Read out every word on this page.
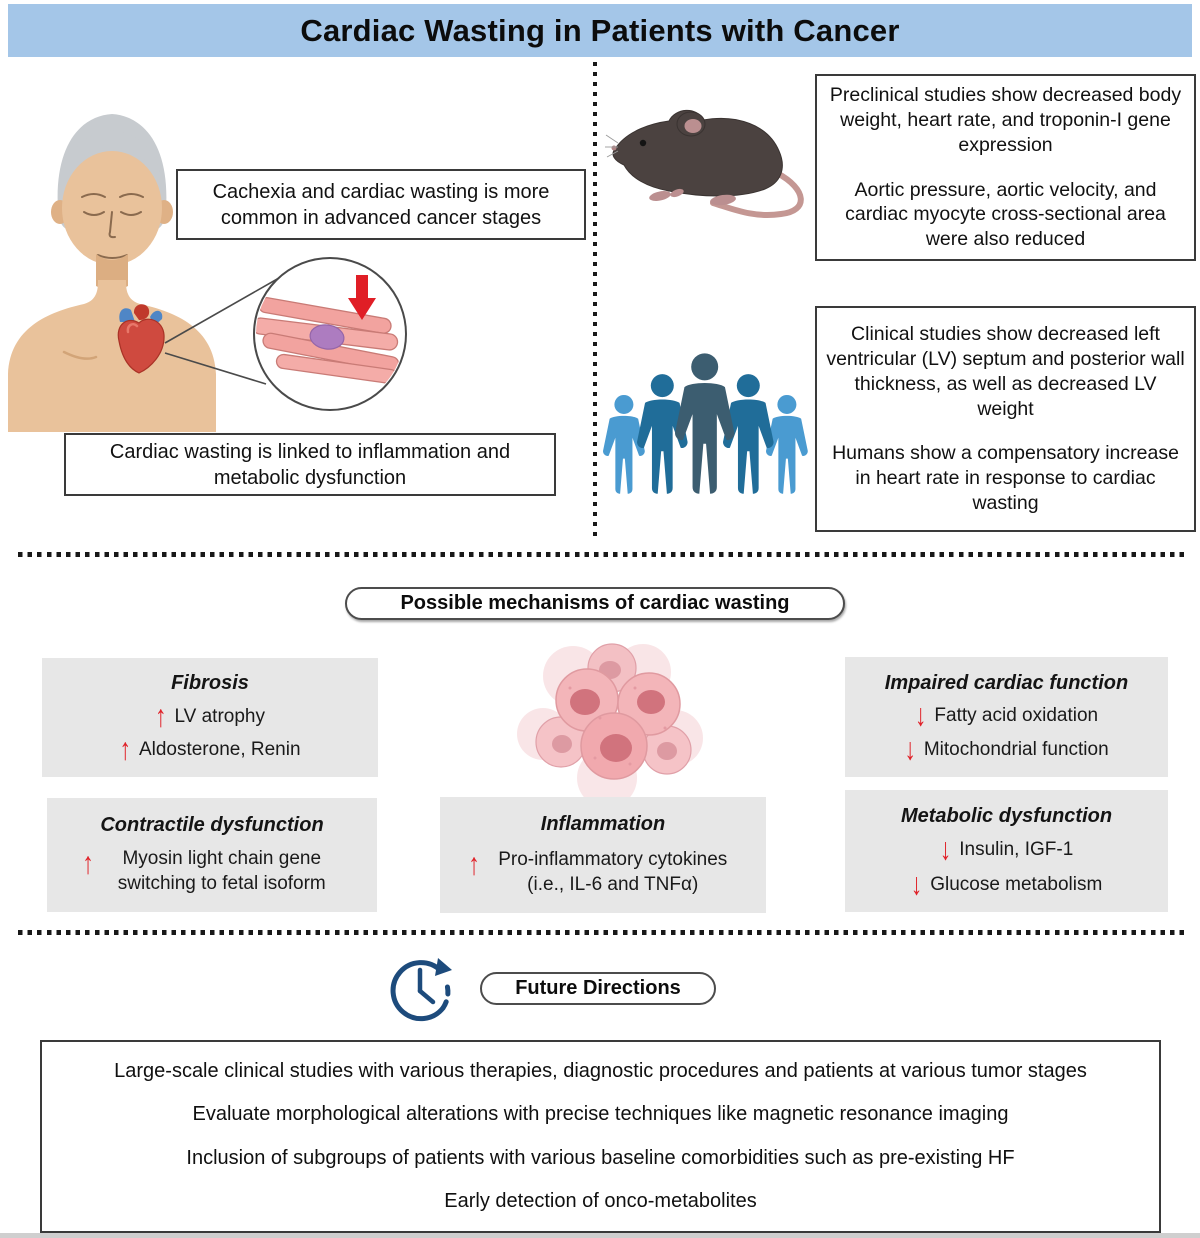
Cardiac Wasting in Patients with Cancer
Cachexia and cardiac wasting is more common in advanced cancer stages
Cardiac wasting is linked to inflammation and metabolic dysfunction
Preclinical studies show decreased body weight, heart rate, and troponin-I gene expression
Aortic pressure, aortic velocity, and cardiac myocyte cross-sectional area were also reduced
Clinical studies show decreased left ventricular (LV) septum and posterior wall thickness, as well as decreased LV weight
Humans show a compensatory increase in heart rate in response to cardiac wasting
Possible mechanisms of cardiac wasting
Fibrosis
↑ LV atrophy
↑ Aldosterone, Renin
Impaired cardiac function
↓ Fatty acid oxidation
↓ Mitochondrial function
Contractile dysfunction
↑	Myosin light chain gene switching to fetal isoform
Inflammation
↑ Pro-inflammatory cytokines (i.e., IL-6 and TNFα)
Metabolic dysfunction
↓ Insulin, IGF-1
↓ Glucose metabolism
Future Directions
Large-scale clinical studies with various therapies, diagnostic procedures and patients at various tumor stages
Evaluate morphological alterations with precise techniques like magnetic resonance imaging
Inclusion of subgroups of patients with various baseline comorbidities such as pre-existing HF
Early detection of onco-metabolites
